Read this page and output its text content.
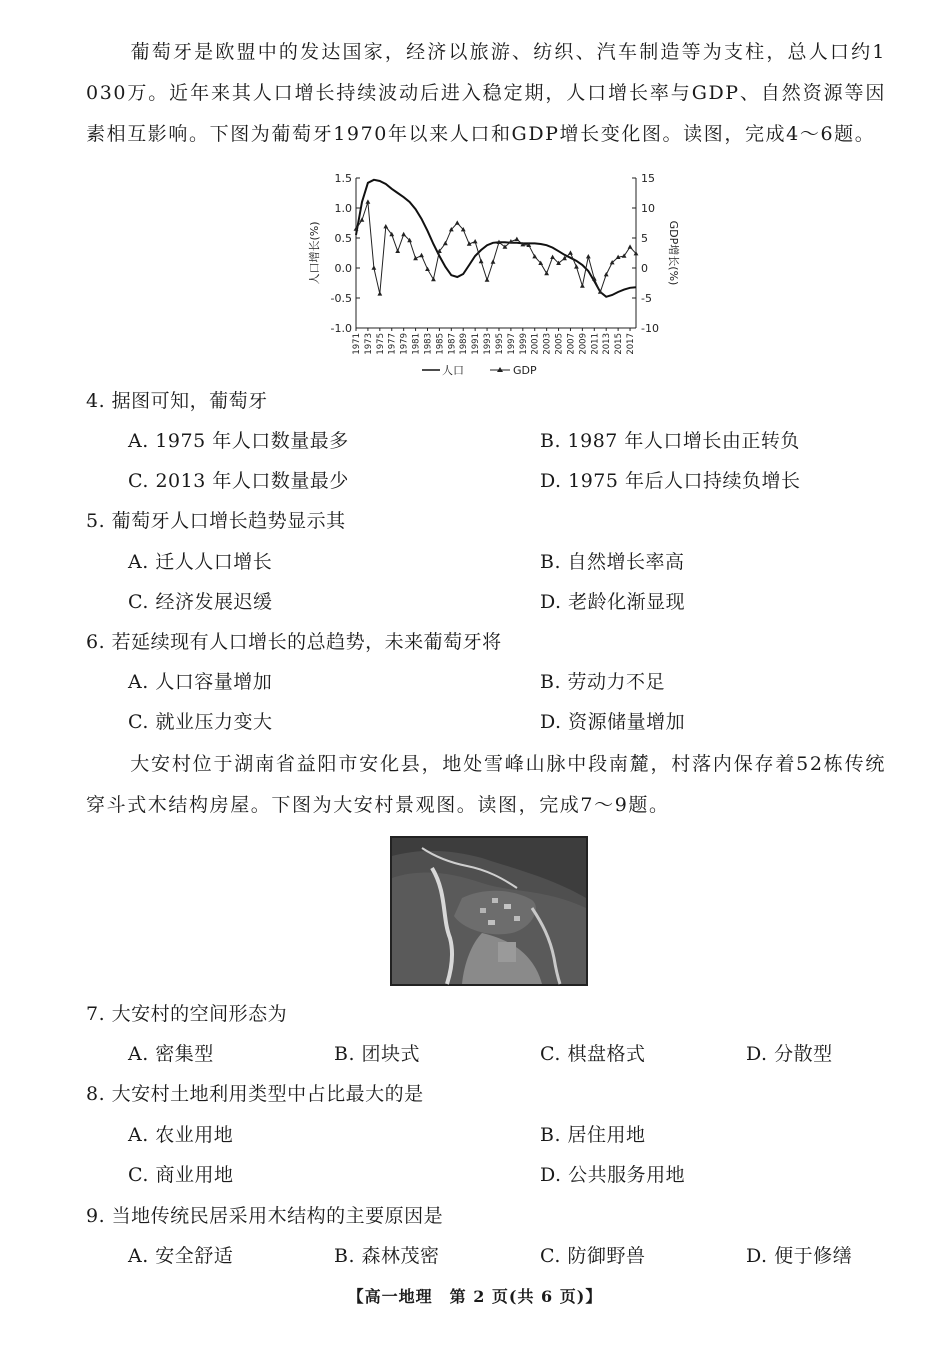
葡萄牙是欧盟中的发达国家，经济以旅游、纺织、汽车制造等为支柱，总人口约1 030万。近年来其人口增长持续波动后进入稳定期，人口增长率与GDP、自然资源等因素相互影响。下图为葡萄牙1970年以来人口和GDP增长变化图。读图，完成4～6题。

人口增长(%)	GDP增长(%)
1.5
1.0
0.5
0.0
-0.5
-1.0
15
10
5
0
-5
-10
1971 1973 1975 1977 1979 1981 1983 1985 1987 1989 1991 1993 1995 1997 1999 2001 2003 2005 2007 2009 2011 2013 2015 2017
人口	GDP
4. 据图可知，葡萄牙
A. 1975 年人口数量最多	B. 1987 年人口增长由正转负
C. 2013 年人口数量最少	D. 1975 年后人口持续负增长
5. 葡萄牙人口增长趋势显示其
A. 迁人人口增长	B. 自然增长率高
C. 经济发展迟缓	D. 老龄化渐显现
6. 若延续现有人口增长的总趋势，未来葡萄牙将
A. 人口容量增加	B. 劳动力不足
C. 就业压力变大	D. 资源储量增加

大安村位于湖南省益阳市安化县，地处雪峰山脉中段南麓，村落内保存着52栋传统穿斗式木结构房屋。下图为大安村景观图。读图，完成7～9题。

7. 大安村的空间形态为
A. 密集型	B. 团块式	C. 棋盘格式	D. 分散型
8. 大安村土地利用类型中占比最大的是
A. 农业用地	B. 居住用地
C. 商业用地	D. 公共服务用地
9. 当地传统民居采用木结构的主要原因是
A. 安全舒适	B. 森林茂密	C. 防御野兽	D. 便于修缮
【高一地理　第 2 页(共 6 页)】
